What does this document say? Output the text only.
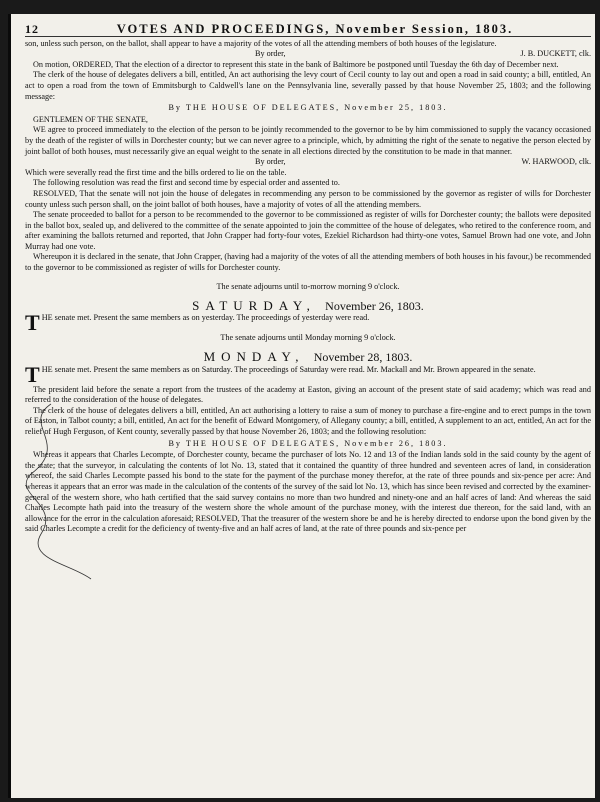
12	VOTES AND PROCEEDINGS, November Session, 1803.

son, unless such person, on the ballot, shall appear to have a majority of the votes of all the attending members of both houses of the legislature.

By order,	J. B. DUCKETT, clk.

On motion, ORDERED, That the election of a director to represent this state in the bank of Baltimore be postponed until Tuesday the 6th day of December next.

The clerk of the house of delegates delivers a bill, entitled, An act authorising the levy court of Cecil county to lay out and open a road in said county; a bill, entitled, An act to open a road from the town of Emmitsburgh to Caldwell's lane on the Pennsylvania line, severally passed by that house November 25, 1803; and the following message:

By THE HOUSE OF DELEGATES, November 25, 1803.

GENTLEMEN OF THE SENATE,

WE agree to proceed immediately to the election of the person to be jointly recommended to the governor to be by him commissioned to supply the vacancy occasioned by the death of the register of wills in Dorchester county; but we can never agree to a principle, which, by admitting the right of the senate to negative the person elected by joint ballot of both houses, must necessarily give an equal weight to the senate in all elections directed by the constitution to be made in that manner.

By order,	W. HARWOOD, clk.

Which were severally read the first time and the bills ordered to lie on the table.

The following resolution was read the first and second time by especial order and assented to.

RESOLVED, That the senate will not join the house of delegates in recommending any person to be commissioned by the governor as register of wills for Dorchester county unless such person shall, on the joint ballot of both houses, have a majority of votes of all the attending members.

The senate proceeded to ballot for a person to be recommended to the governor to be commissioned as register of wills for Dorchester county; the ballots were deposited in the ballot box, sealed up, and delivered to the committee of the senate appointed to join the committee of the house of delegates, who retired to the conference room, and after examining the ballots returned and reported, that John Crapper had forty-four votes, Ezekiel Richardson had thirty-one votes, Samuel Brown had one vote, and John Murray had one vote.

Whereupon it is declared in the senate, that John Crapper, (having had a majority of the votes of all the attending members of both houses in his favour,) be recommended to the governor to be commissioned as register of wills for Dorchester county.

The senate adjourns until to-morrow morning 9 o'clock.

SATURDAY, November 26, 1803.

THE senate met. Present the same members as on yesterday. The proceedings of yesterday were read.

The senate adjourns until Monday morning 9 o'clock.

MONDAY, November 28, 1803.

THE senate met. Present the same members as on Saturday. The proceedings of Saturday were read. Mr. Mackall and Mr. Brown appeared in the senate.

The president laid before the senate a report from the trustees of the academy at Easton, giving an account of the present state of said academy; which was read and referred to the consideration of the house of delegates.

The clerk of the house of delegates delivers a bill, entitled, An act authorising a lottery to raise a sum of money to purchase a fire-engine and to erect pumps in the town of Easton, in Talbot county; a bill, entitled, An act for the benefit of Edward Montgomery, of Allegany county; a bill, entitled, A supplement to an act, entitled, An act for the relief of Hugh Ferguson, of Kent county, severally passed by that house November 26, 1803; and the following resolution:

By THE HOUSE OF DELEGATES, November 26, 1803.

Whereas it appears that Charles Lecompte, of Dorchester county, became the purchaser of lots No. 12 and 13 of the Indian lands sold in the said county by the agent of the state; that the surveyor, in calculating the contents of lot No. 13, stated that it contained the quantity of three hundred and seventeen acres of land, in consideration whereof, the said Charles Lecompte passed his bond to the state for the payment of the purchase money therefor, at the rate of three pounds and six-pence per acre: And whereas it appears that an error was made in the calculation of the contents of the survey of the said lot No. 13, which has since been revised and corrected by the examiner-general of the western shore, who hath certified that the said survey contains no more than two hundred and ninety-one and an half acres of land: And whereas the said Charles Lecompte hath paid into the treasury of the western shore the whole amount of the purchase money, with the interest due thereon, for the said land, with an allowance for the error in the calculation aforesaid; RESOLVED, That the treasurer of the western shore be and he is hereby directed to endorse upon the bond given by the said Charles Lecompte a credit for the deficiency of twenty-five and an half acres of land, at the rate of three pounds and six-pence per
